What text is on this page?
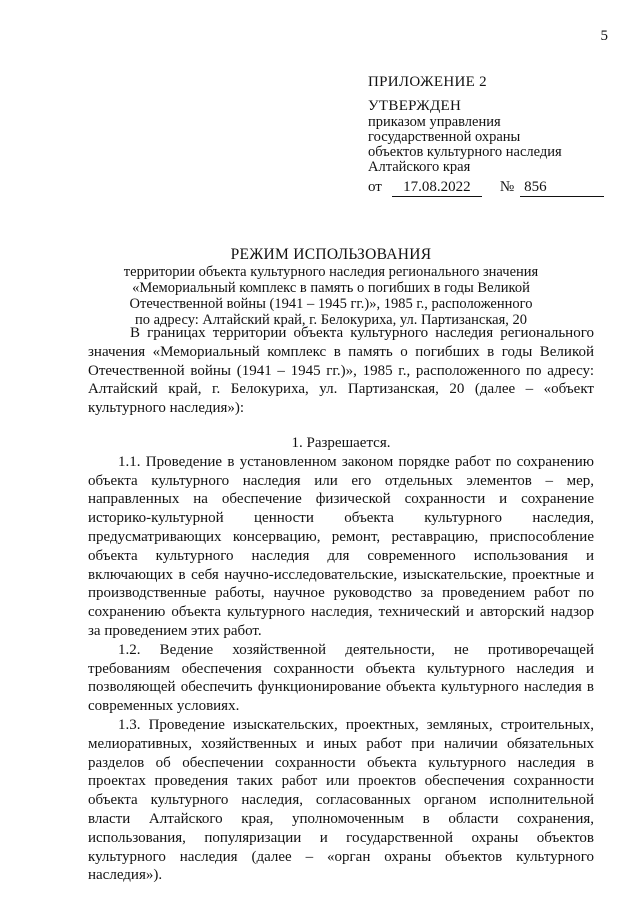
5
ПРИЛОЖЕНИЕ 2
УТВЕРЖДЕН
приказом управления
государственной охраны
объектов культурного наследия
Алтайского края
от	17.08.2022	№ 856
РЕЖИМ ИСПОЛЬЗОВАНИЯ
территории объекта культурного наследия регионального значения
«Мемориальный комплекс в память о погибших в годы Великой
Отечественной войны (1941 – 1945 гг.)», 1985 г., расположенного
по адресу: Алтайский край, г. Белокуриха, ул. Партизанская, 20

В границах территории объекта культурного наследия регионального значения «Мемориальный комплекс в память о погибших в годы Великой Отечественной войны (1941 – 1945 гг.)», 1985 г., расположенного по адресу: Алтайский край, г. Белокуриха, ул. Партизанская, 20 (далее – «объект культурного наследия»):

1. Разрешается.

1.1. Проведение в установленном законом порядке работ по сохранению объекта культурного наследия или его отдельных элементов – мер, направленных на обеспечение физической сохранности и сохранение историко-культурной ценности объекта культурного наследия, предусматривающих консервацию, ремонт, реставрацию, приспособление объекта культурного наследия для современного использования и включающих в себя научно-исследовательские, изыскательские, проектные и производственные работы, научное руководство за проведением работ по сохранению объекта культурного наследия, технический и авторский надзор за проведением этих работ.

1.2. Ведение хозяйственной деятельности, не противоречащей требованиям обеспечения сохранности объекта культурного наследия и позволяющей обеспечить функционирование объекта культурного наследия в современных условиях.

1.3. Проведение изыскательских, проектных, земляных, строительных, мелиоративных, хозяйственных и иных работ при наличии обязательных разделов об обеспечении сохранности объекта культурного наследия в проектах проведения таких работ или проектов обеспечения сохранности объекта культурного наследия, согласованных органом исполнительной власти Алтайского края, уполномоченным в области сохранения, использования, популяризации и государственной охраны объектов культурного наследия (далее – «орган охраны объектов культурного наследия»).
